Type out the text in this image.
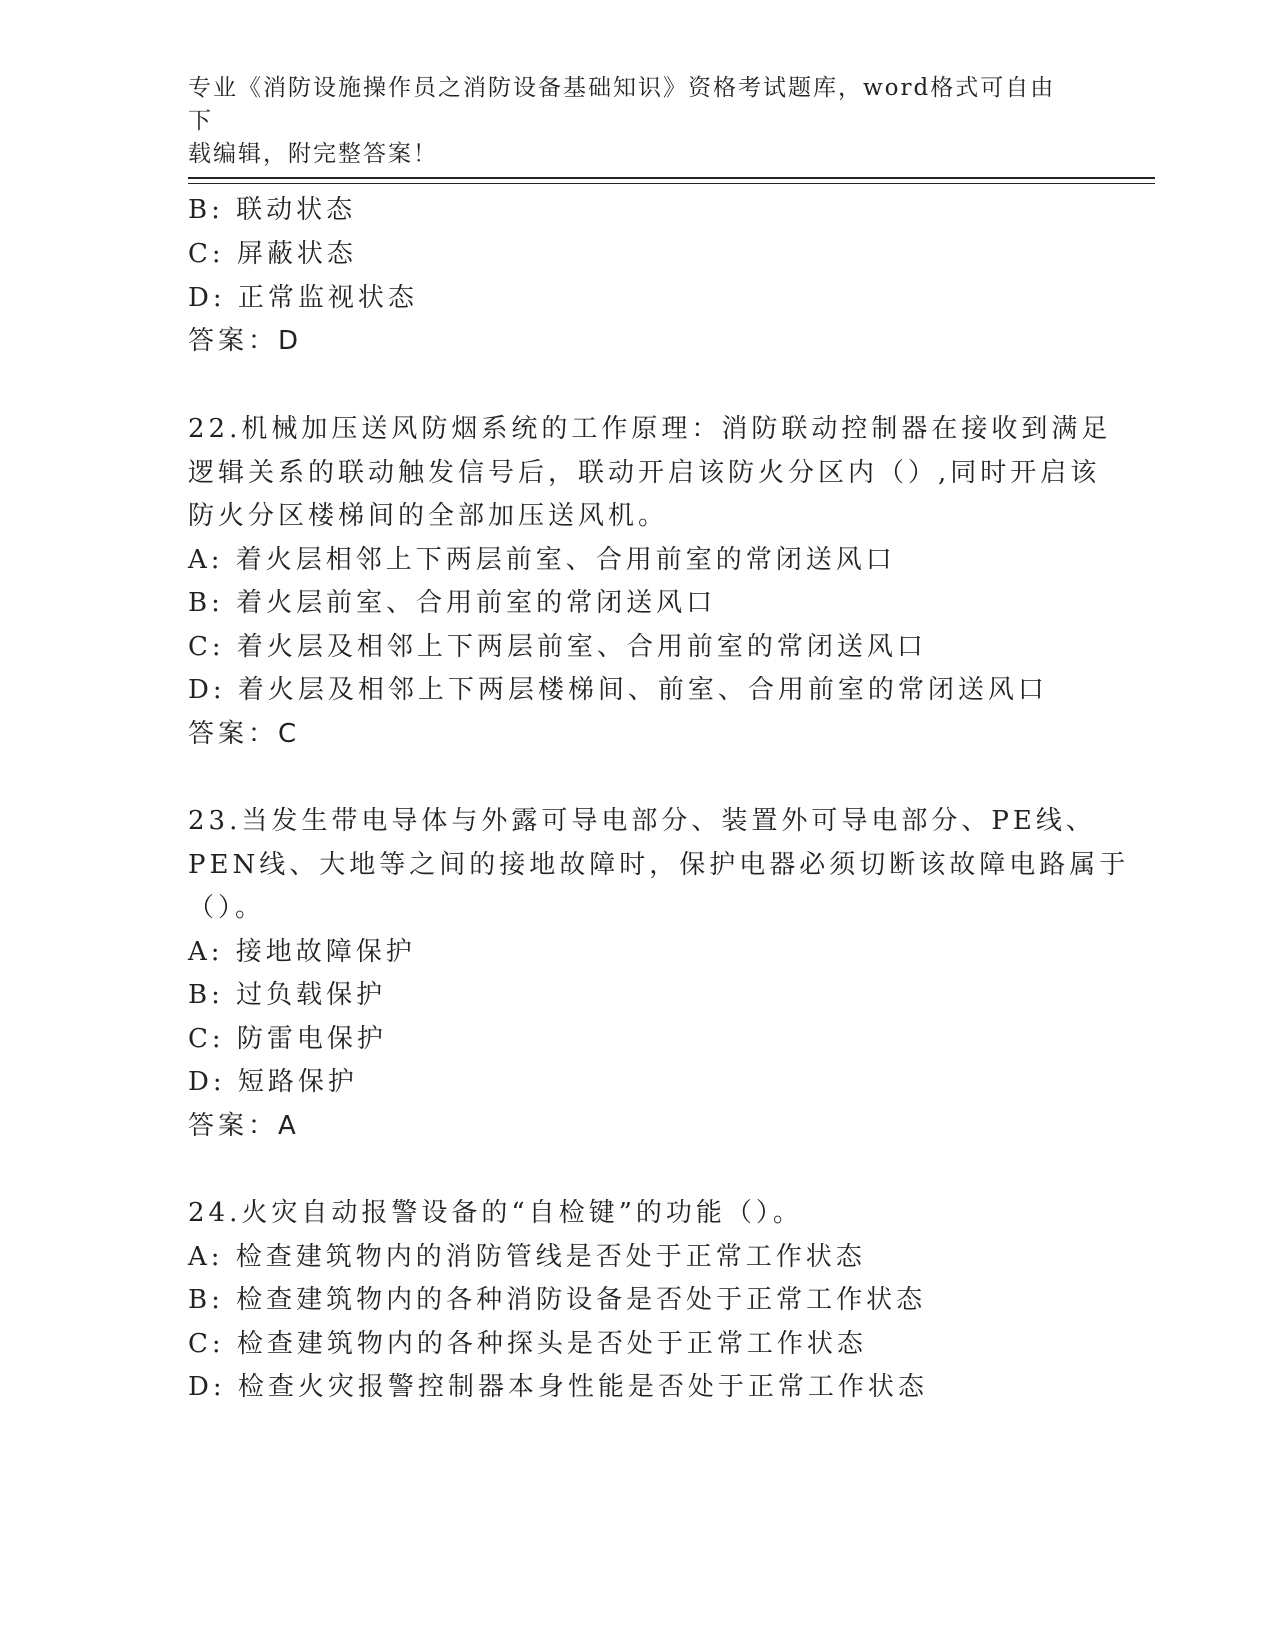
专业《消防设施操作员之消防设备基础知识》资格考试题库，word格式可自由下
载编辑，附完整答案！
B: 联动状态
C: 屏蔽状态
D: 正常监视状态
答案：D
22.机械加压送风防烟系统的工作原理：消防联动控制器在接收到满足
逻辑关系的联动触发信号后，联动开启该防火分区内（）,同时开启该
防火分区楼梯间的全部加压送风机。
A: 着火层相邻上下两层前室、合用前室的常闭送风口
B: 着火层前室、合用前室的常闭送风口
C: 着火层及相邻上下两层前室、合用前室的常闭送风口
D: 着火层及相邻上下两层楼梯间、前室、合用前室的常闭送风口
答案：C
23.当发生带电导体与外露可导电部分、装置外可导电部分、PE线、
PEN线、大地等之间的接地故障时，保护电器必须切断该故障电路属于
（）。
A: 接地故障保护
B: 过负载保护
C: 防雷电保护
D: 短路保护
答案：A
24.火灾自动报警设备的“自检键”的功能（）。
A: 检查建筑物内的消防管线是否处于正常工作状态
B: 检查建筑物内的各种消防设备是否处于正常工作状态
C: 检查建筑物内的各种探头是否处于正常工作状态
D: 检查火灾报警控制器本身性能是否处于正常工作状态
